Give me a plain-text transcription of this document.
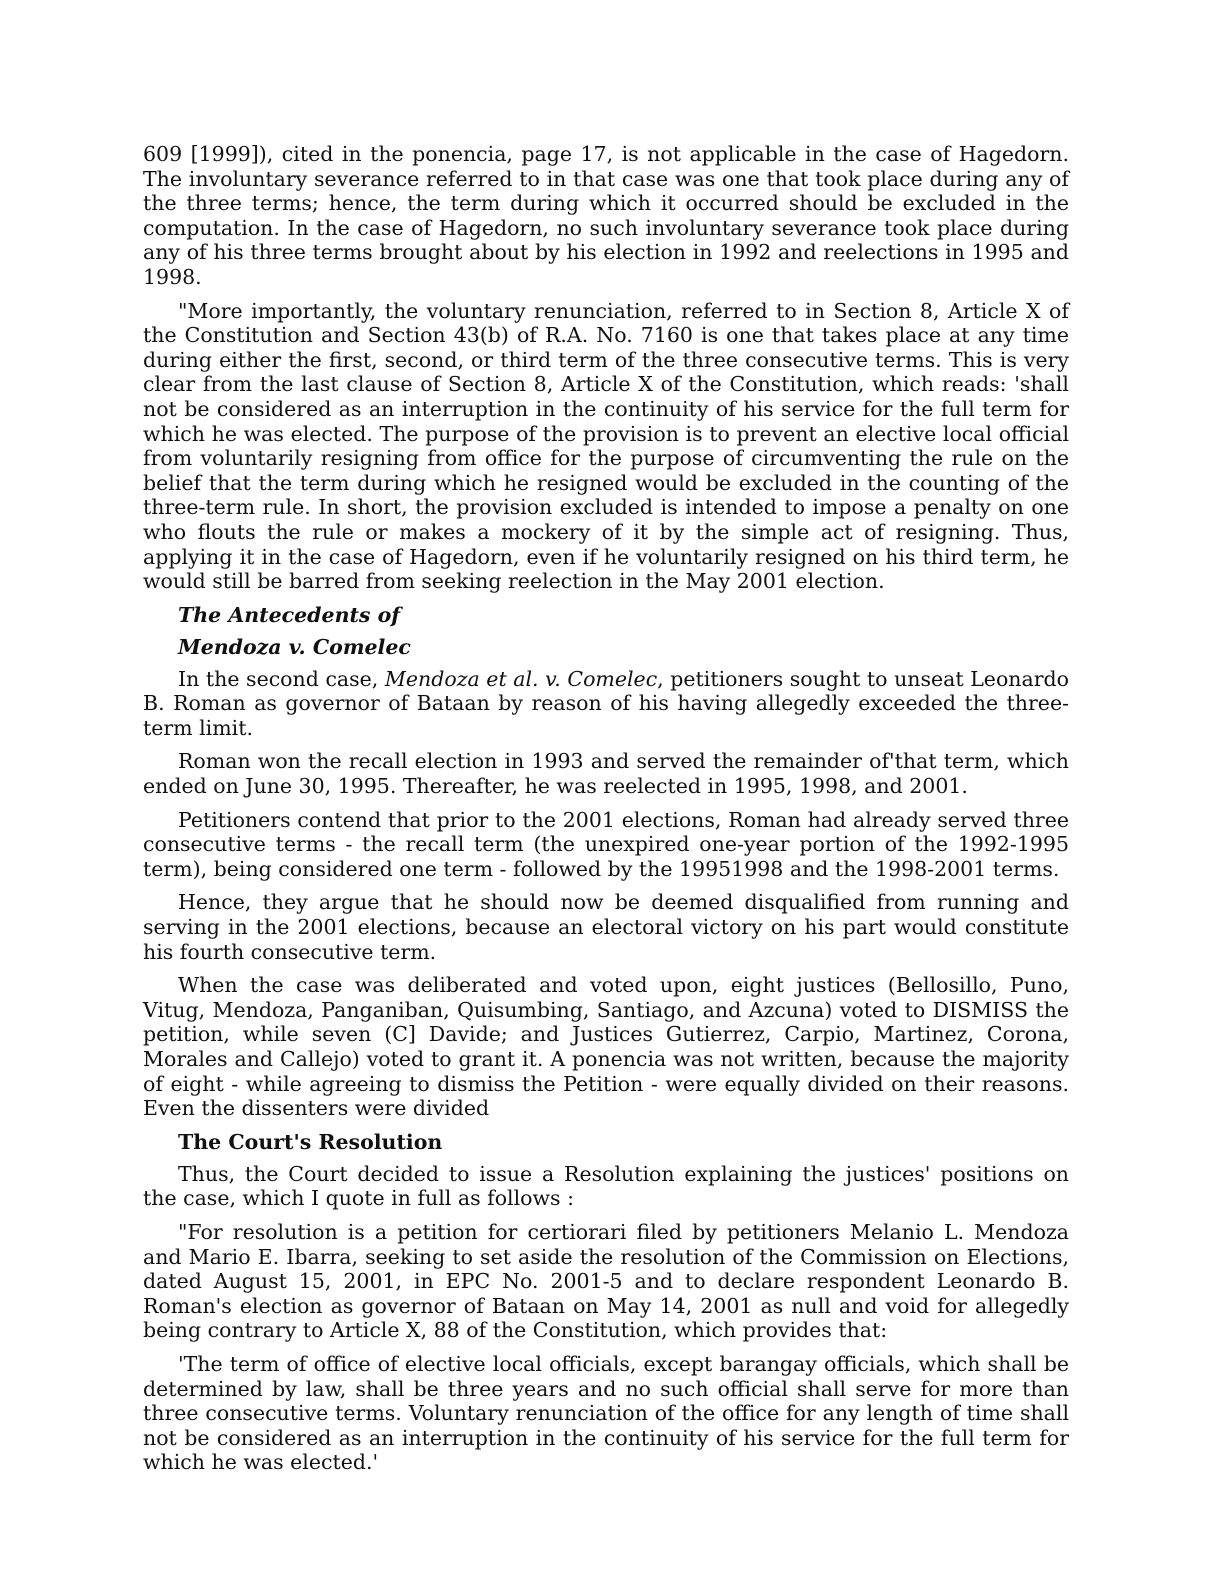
609 [1999]), cited in the ponencia, page 17, is not applicable in the case of Hagedorn. The involuntary severance referred to in that case was one that took place during any of the three terms; hence, the term during which it occurred should be excluded in the computation. In the case of Hagedorn, no such involuntary severance took place during any of his three terms brought about by his election in 1992 and reelections in 1995 and 1998.

"More importantly, the voluntary renunciation, referred to in Section 8, Article X of the Constitution and Section 43(b) of R.A. No. 7160 is one that takes place at any time during either the first, second, or third term of the three consecutive terms. This is very clear from the last clause of Section 8, Article X of the Constitution, which reads: 'shall not be considered as an interruption in the continuity of his service for the full term for which he was elected. The purpose of the provision is to prevent an elective local official from voluntarily resigning from office for the purpose of circumventing the rule on the belief that the term during which he resigned would be excluded in the counting of the three-term rule. In short, the provision excluded is intended to impose a penalty on one who flouts the rule or makes a mockery of it by the simple act of resigning. Thus, applying it in the case of Hagedorn, even if he voluntarily resigned on his third term, he would still be barred from seeking reelection in the May 2001 election.

The Antecedents of
Mendoza v. Comelec

In the second case, Mendoza et al. v. Comelec, petitioners sought to unseat Leonardo B. Roman as governor of Bataan by reason of his having allegedly exceeded the three-term limit.

Roman won the recall election in 1993 and served the remainder of'that term, which ended on June 30, 1995. Thereafter, he was reelected in 1995, 1998, and 2001.

Petitioners contend that prior to the 2001 elections, Roman had already served three consecutive terms - the recall term (the unexpired one-year portion of the 1992-1995 term), being considered one term - followed by the 19951998 and the 1998-2001 terms.

Hence, they argue that he should now be deemed disqualified from running and serving in the 2001 elections, because an electoral victory on his part would constitute his fourth consecutive term.

When the case was deliberated and voted upon, eight justices (Bellosillo, Puno, Vitug, Mendoza, Panganiban, Quisumbing, Santiago, and Azcuna) voted to DISMISS the petition, while seven (C] Davide; and Justices Gutierrez, Carpio, Martinez, Corona, Morales and Callejo) voted to grant it. A ponencia was not written, because the majority of eight - while agreeing to dismiss the Petition - were equally divided on their reasons. Even the dissenters were divided

The Court's Resolution

Thus, the Court decided to issue a Resolution explaining the justices' positions on the case, which I quote in full as follows :

"For resolution is a petition for certiorari filed by petitioners Melanio L. Mendoza and Mario E. Ibarra, seeking to set aside the resolution of the Commission on Elections, dated August 15, 2001, in EPC No. 2001-5 and to declare respondent Leonardo B. Roman's election as governor of Bataan on May 14, 2001 as null and void for allegedly being contrary to Article X, 88 of the Constitution, which provides that:

'The term of office of elective local officials, except barangay officials, which shall be determined by law, shall be three years and no such official shall serve for more than three consecutive terms. Voluntary renunciation of the office for any length of time shall not be considered as an interruption in the continuity of his service for the full term for which he was elected.'
